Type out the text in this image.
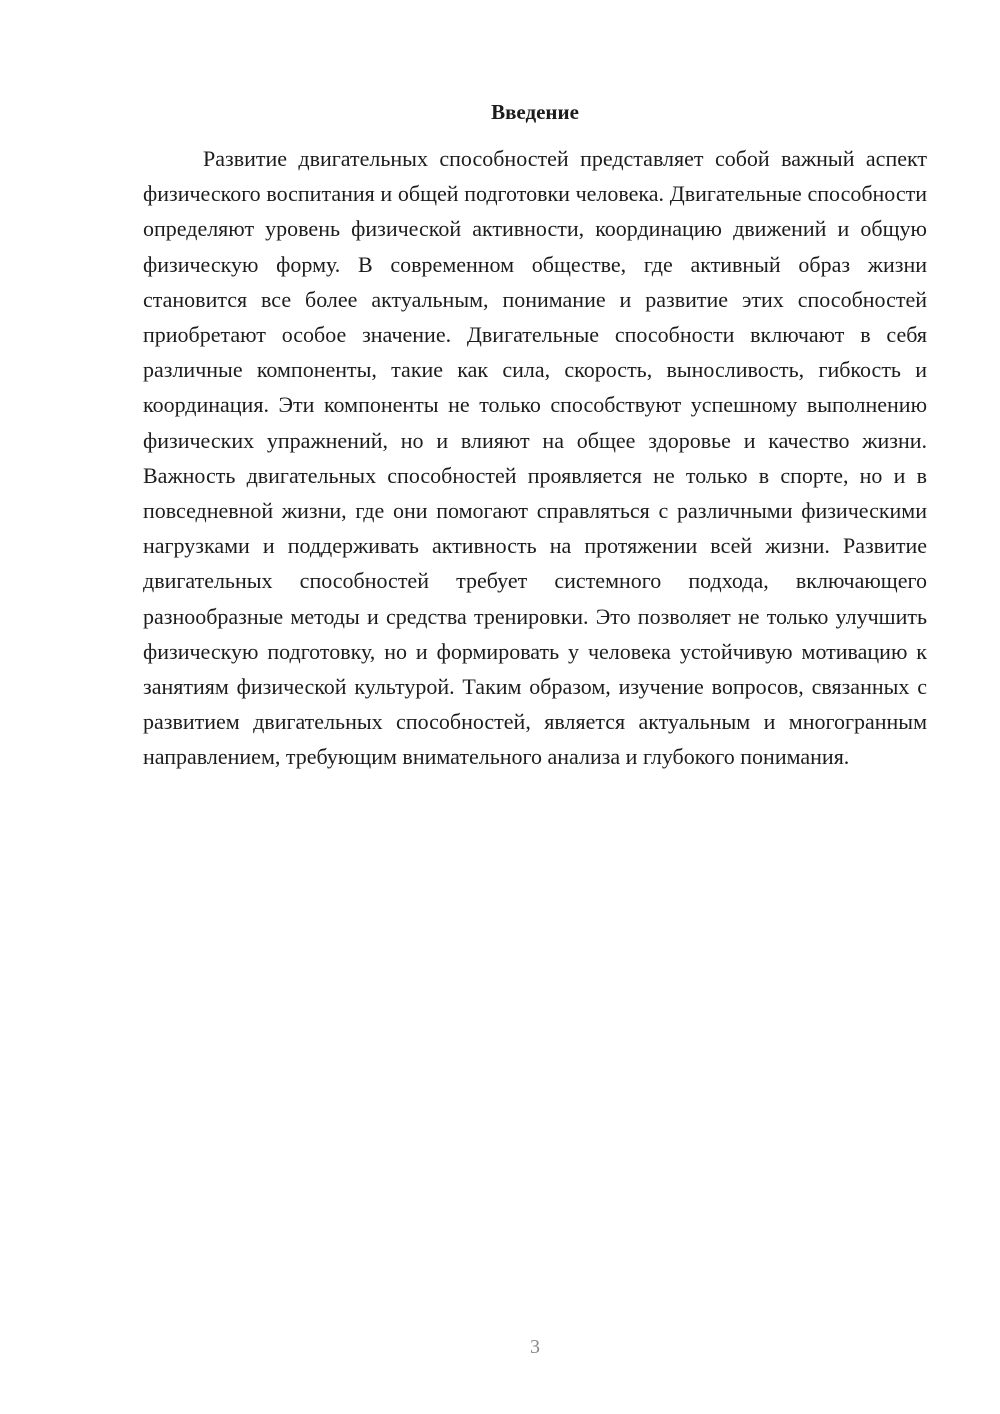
Введение

Развитие двигательных способностей представляет собой важный аспект физического воспитания и общей подготовки человека. Двигательные способности определяют уровень физической активности, координацию движений и общую физическую форму. В современном обществе, где активный образ жизни становится все более актуальным, понимание и развитие этих способностей приобретают особое значение. Двигательные способности включают в себя различные компоненты, такие как сила, скорость, выносливость, гибкость и координация. Эти компоненты не только способствуют успешному выполнению физических упражнений, но и влияют на общее здоровье и качество жизни. Важность двигательных способностей проявляется не только в спорте, но и в повседневной жизни, где они помогают справляться с различными физическими нагрузками и поддерживать активность на протяжении всей жизни. Развитие двигательных способностей требует системного подхода, включающего разнообразные методы и средства тренировки. Это позволяет не только улучшить физическую подготовку, но и формировать у человека устойчивую мотивацию к занятиям физической культурой. Таким образом, изучение вопросов, связанных с развитием двигательных способностей, является актуальным и многогранным направлением, требующим внимательного анализа и глубокого понимания.

3
